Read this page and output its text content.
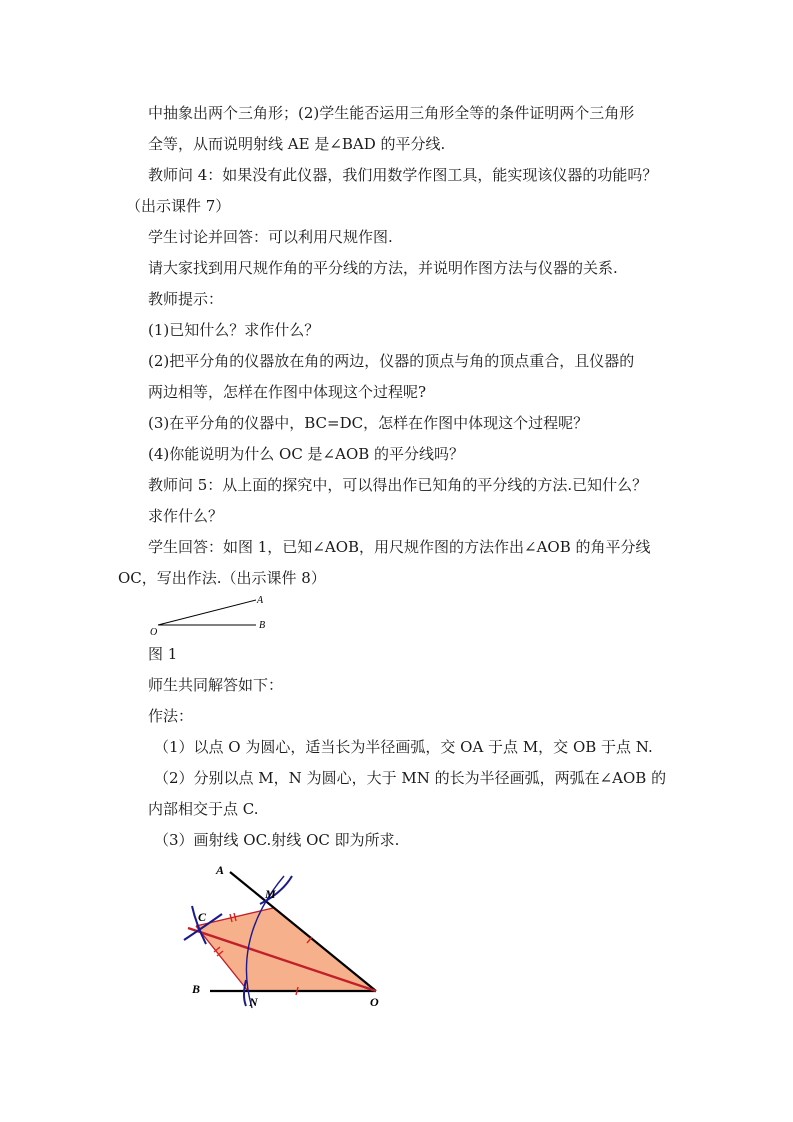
中抽象出两个三角形；(2)学生能否运用三角形全等的条件证明两个三角形
全等，从而说明射线 AE 是∠BAD 的平分线.
教师问 4：如果没有此仪器，我们用数学作图工具，能实现该仪器的功能吗？
（出示课件 7）
学生讨论并回答：可以利用尺规作图.
请大家找到用尺规作角的平分线的方法，并说明作图方法与仪器的关系.
教师提示：
(1)已知什么？求作什么？
(2)把平分角的仪器放在角的两边，仪器的顶点与角的顶点重合，且仪器的
两边相等，怎样在作图中体现这个过程呢?
(3)在平分角的仪器中，BC=DC，怎样在作图中体现这个过程呢？
(4)你能说明为什么 OC 是∠AOB 的平分线吗？
教师问 5：从上面的探究中，可以得出作已知角的平分线的方法.已知什么？
求作什么？
学生回答：如图 1，已知∠AOB，用尺规作图的方法作出∠AOB 的角平分线
OC，写出作法.（出示课件 8）
A
B
O
图 1
师生共同解答如下：
作法：
（1）以点 O 为圆心，适当长为半径画弧，交 OA 于点 M，交 OB 于点 N.
（2）分别以点 M，N 为圆心，大于 MN 的长为半径画弧，两弧在∠AOB 的
内部相交于点 C.
（3）画射线 OC.射线 OC 即为所求.
A
M
C
B
N	O
